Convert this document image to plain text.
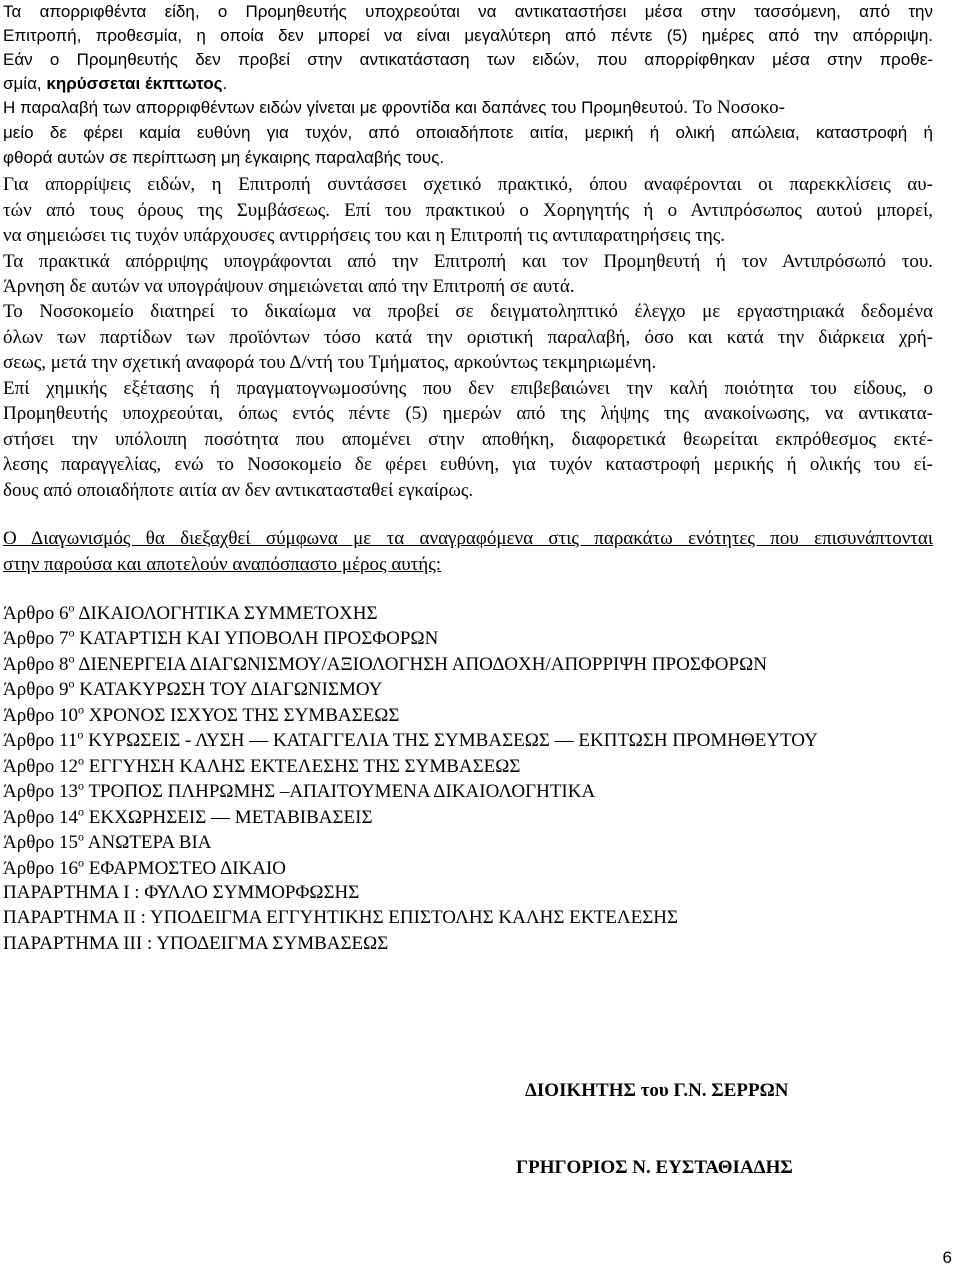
Τα απορριφθέντα είδη, ο Προμηθευτής υποχρεούται να αντικαταστήσει μέσα στην τασσόμενη, από την
Επιτροπή, προθεσμία, η οποία δεν μπορεί να είναι μεγαλύτερη από πέντε (5) ημέρες από την απόρριψη.
Εάν ο Προμηθευτής δεν προβεί στην αντικατάσταση των ειδών, που απορρίφθηκαν μέσα στην προθε-
σμία, κηρύσσεται έκπτωτος.
Η παραλαβή των απορριφθέντων ειδών γίνεται με φροντίδα και δαπάνες του Προμηθευτού. Το Νοσοκο-
μείο δε φέρει καμία ευθύνη για τυχόν, από οποιαδήποτε αιτία, μερική ή ολική απώλεια, καταστροφή ή
φθορά αυτών σε περίπτωση μη έγκαιρης παραλαβής τους.
Για απορρίψεις ειδών, η Επιτροπή συντάσσει σχετικό πρακτικό, όπου αναφέρονται οι παρεκκλίσεις αυ-
τών από τους όρους της Συμβάσεως. Επί του πρακτικού ο Χορηγητής ή ο Αντιπρόσωπος αυτού μπορεί,
να σημειώσει τις τυχόν υπάρχουσες αντιρρήσεις του και η Επιτροπή τις αντιπαρατηρήσεις της.
Τα πρακτικά απόρριψης υπογράφονται από την Επιτροπή και τον Προμηθευτή ή τον Αντιπρόσωπό του.
Άρνηση δε αυτών να υπογράψουν σημειώνεται από την Επιτροπή σε αυτά.
Το Νοσοκομείο διατηρεί το δικαίωμα να προβεί σε δειγματοληπτικό έλεγχο με εργαστηριακά δεδομένα
όλων των παρτίδων των προϊόντων τόσο κατά την οριστική παραλαβή, όσο και κατά την διάρκεια χρή-
σεως, μετά την σχετική αναφορά του Δ/ντή του Τμήματος, αρκούντως τεκμηριωμένη.
Επί χημικής εξέτασης ή πραγματογνωμοσύνης που δεν επιβεβαιώνει την καλή ποιότητα του είδους, ο
Προμηθευτής υποχρεούται, όπως εντός πέντε (5) ημερών από της λήψης της ανακοίνωσης, να αντικατα-
στήσει την υπόλοιπη ποσότητα που απομένει στην αποθήκη, διαφορετικά θεωρείται εκπρόθεσμος εκτέ-
λεσης παραγγελίας, ενώ το Νοσοκομείο δε φέρει ευθύνη, για τυχόν καταστροφή μερικής ή ολικής του εί-
δους από οποιαδήποτε αιτία αν δεν αντικατασταθεί εγκαίρως.
Ο Διαγωνισμός θα διεξαχθεί σύμφωνα με τα αναγραφόμενα στις παρακάτω ενότητες που επισυνάπτονται
στην παρούσα και αποτελούν αναπόσπαστο μέρος αυτής:
Άρθρο $6^o$ ΔΙΚΑΙΟΛΟΓΗΤΙΚΑ ΣΥΜΜΕΤΟΧΗΣ
Άρθρο $7^o$ ΚΑΤΑΡΤΙΣΗ ΚΑΙ ΥΠΟΒΟΛΗ ΠΡΟΣΦΟΡΩΝ
Άρθρο $8^o$ ΔΙΕΝΕΡΓΕΙΑ ΔΙΑΓΩΝΙΣΜΟΥ/ΑΞΙΟΛΟΓΗΣΗ ΑΠΟΔΟΧΗ/ΑΠΟΡΡΙΨΗ ΠΡΟΣΦΟΡΩΝ
Άρθρο $9^o$ ΚΑΤΑΚΥΡΩΣΗ ΤΟΥ ΔΙΑΓΩΝΙΣΜΟΥ
Άρθρο $10^o$ ΧΡΟΝΟΣ ΙΣΧΥΟΣ ΤΗΣ ΣΥΜΒΑΣΕΩΣ
Άρθρο $11^o$ ΚΥΡΩΣΕΙΣ - ΛΥΣΗ — ΚΑΤΑΓΓΕΛΙΑ ΤΗΣ ΣΥΜΒΑΣΕΩΣ — ΕΚΠΤΩΣΗ ΠΡΟΜΗΘΕΥΤΟΥ
Άρθρο $12^o$ ΕΓΓΥΗΣΗ ΚΑΛΗΣ ΕΚΤΕΛΕΣΗΣ ΤΗΣ ΣΥΜΒΑΣΕΩΣ
Άρθρο $13^o$ ΤΡΟΠΟΣ ΠΛΗΡΩΜΗΣ –ΑΠΑΙΤΟΥΜΕΝΑ ΔΙΚΑΙΟΛΟΓΗΤΙΚΑ
Άρθρο $14^o$ ΕΚΧΩΡΗΣΕΙΣ — ΜΕΤΑΒΙΒΑΣΕΙΣ
Άρθρο $15^o$ ΑΝΩΤΕΡΑ ΒΙΑ
Άρθρο $16^o$ ΕΦΑΡΜΟΣΤΕΟ ΔΙΚΑΙΟ
ΠΑΡΑΡΤΗΜΑ Ι : ΦΥΛΛΟ ΣΥΜΜΟΡΦΩΣΗΣ
ΠΑΡΑΡΤΗΜΑ ΙΙ : ΥΠΟΔΕΙΓΜΑ ΕΓΓΥΗΤΙΚΗΣ ΕΠΙΣΤΟΛΗΣ ΚΑΛΗΣ ΕΚΤΕΛΕΣΗΣ
ΠΑΡΑΡΤΗΜΑ ΙΙΙ : ΥΠΟΔΕΙΓΜΑ ΣΥΜΒΑΣΕΩΣ
ΔΙΟΙΚΗΤΗΣ του Γ.Ν. ΣΕΡΡΩΝ
ΓΡΗΓΟΡΙΟΣ Ν. ΕΥΣΤΑΘΙΑΔΗΣ
6
